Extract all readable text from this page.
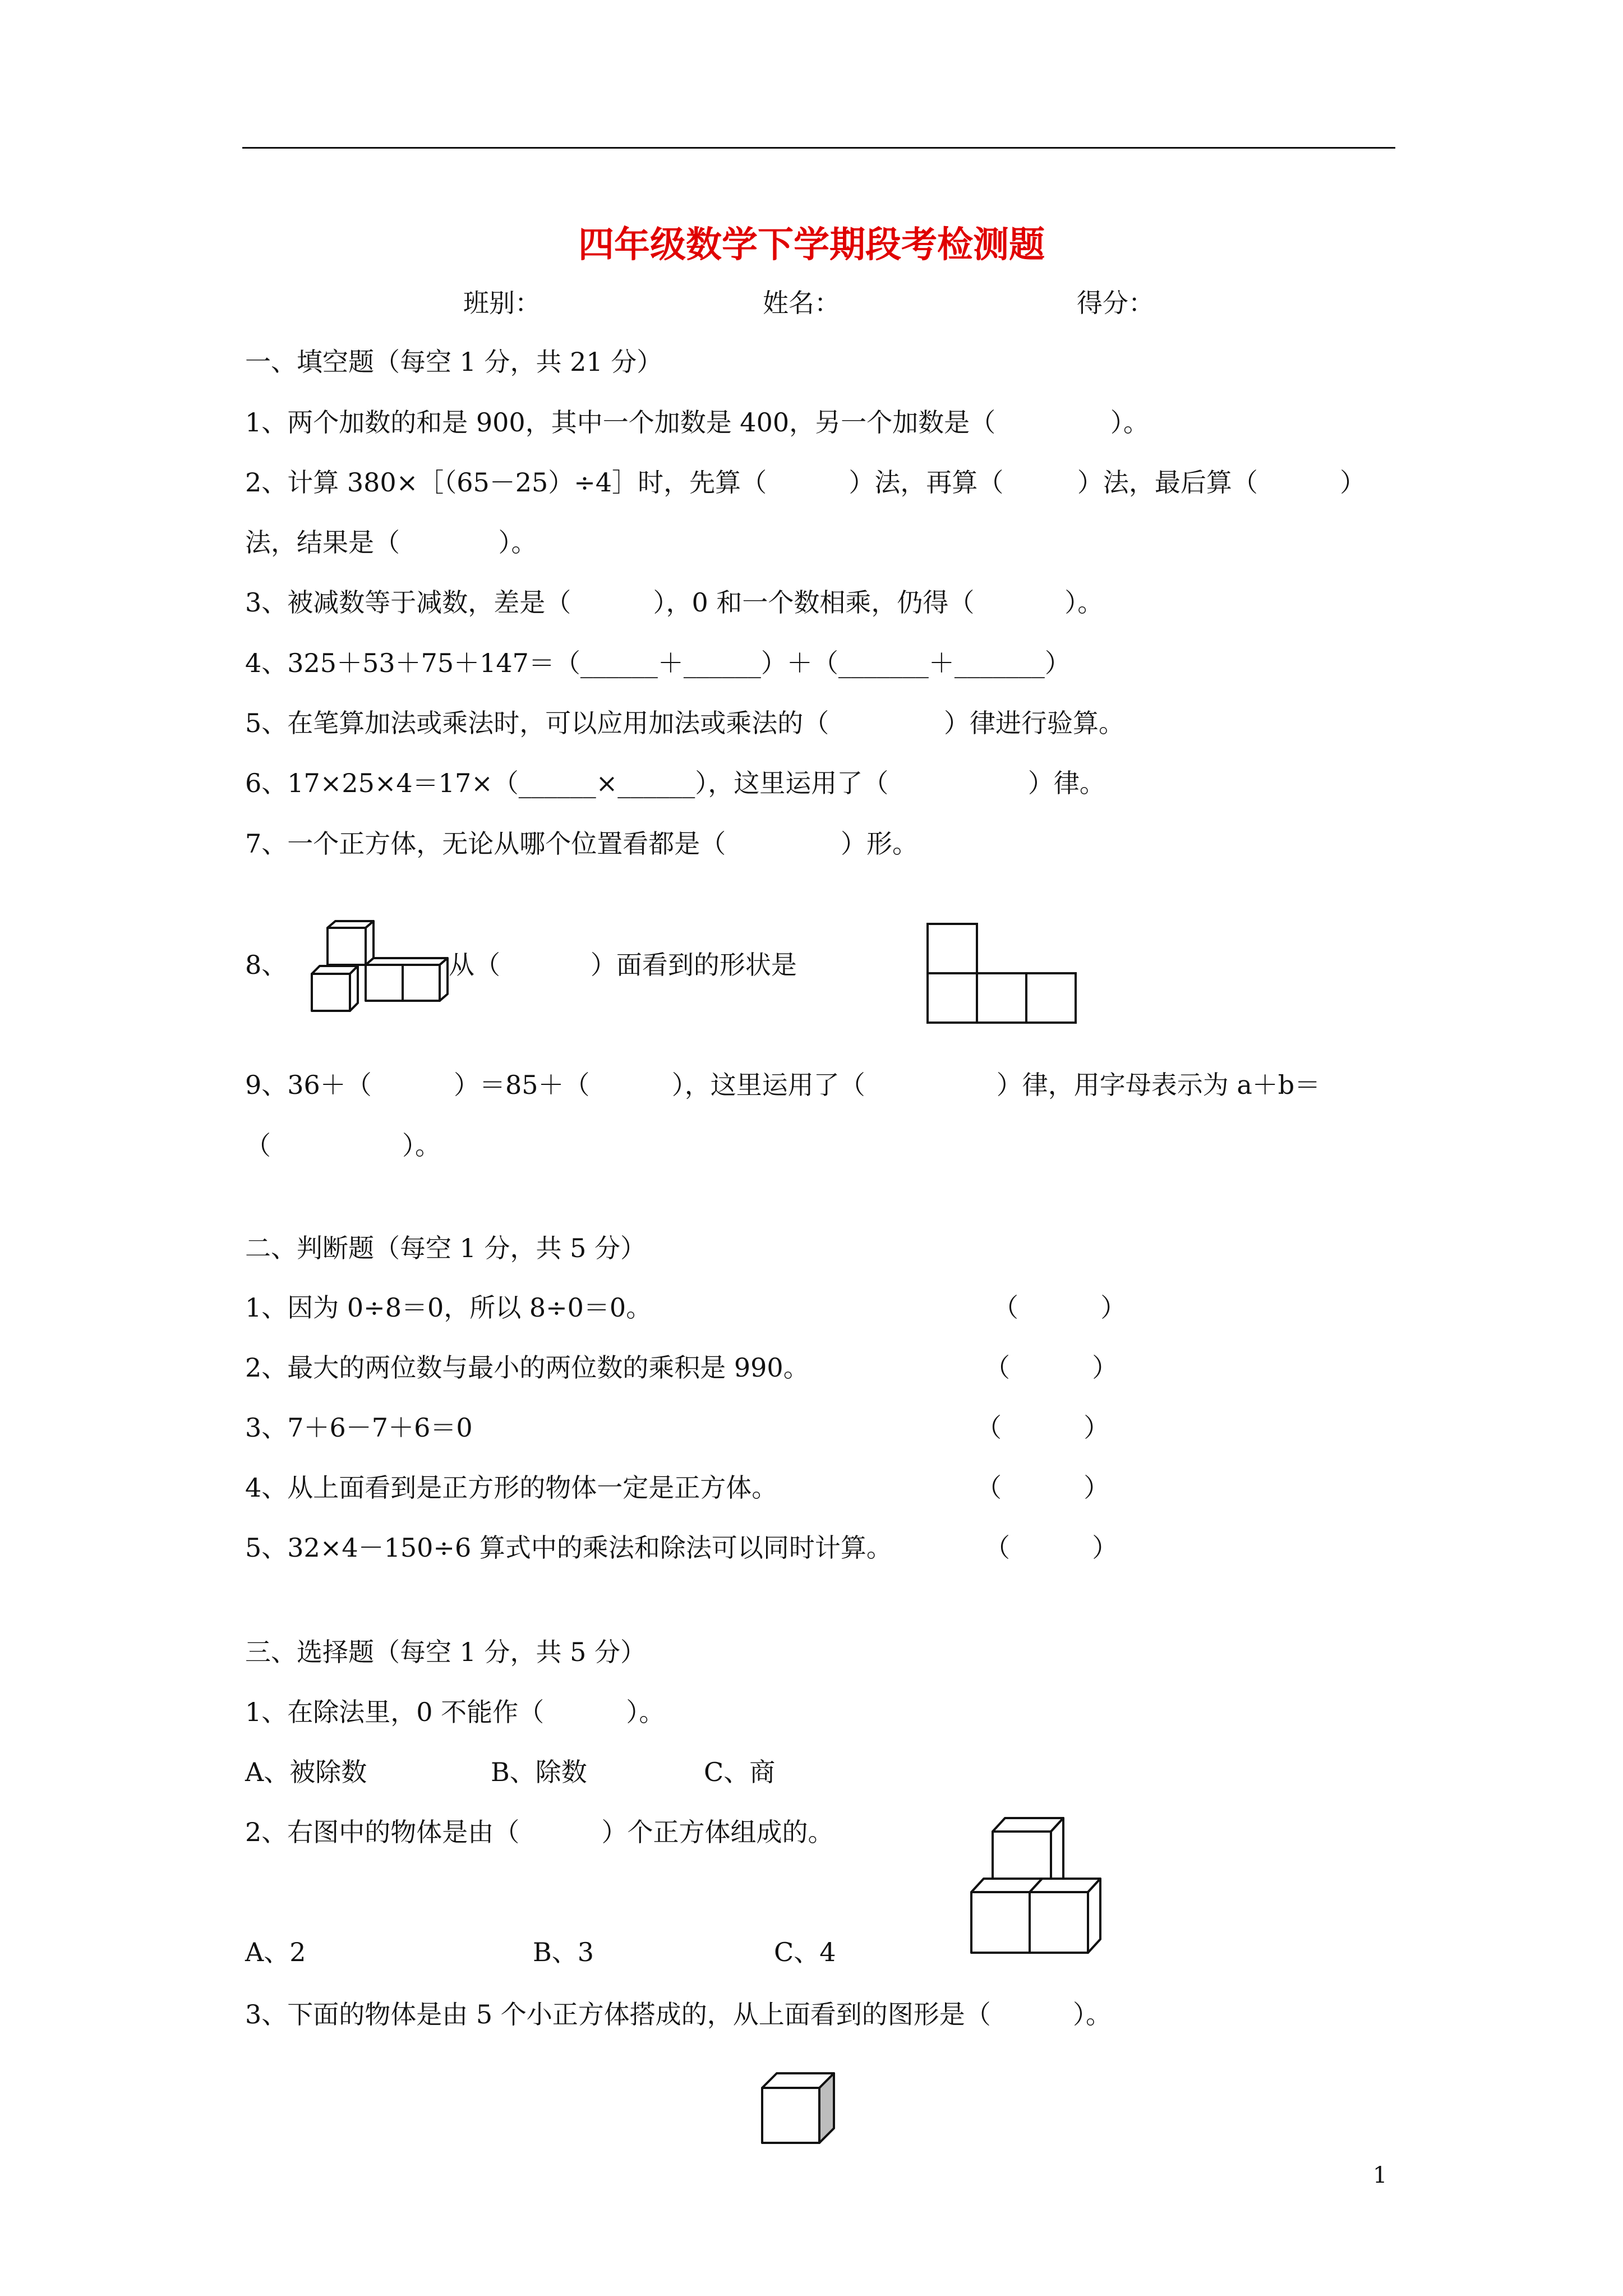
四年级数学下学期段考检测题
班别：	姓名：	得分：
一、填空题（每空 1 分，共 21 分）
1、两个加数的和是 900，其中一个加数是 400，另一个加数是（              ）。
2、计算 380×［（65－25）÷4］时，先算（          ）法，再算（         ）法，最后算（          ）
法，结果是（            ）。
3、被减数等于减数，差是（          ），0 和一个数相乘，仍得（           ）。
4、325＋53＋75＋147＝（______＋______）＋（_______＋_______）
5、在笔算加法或乘法时，可以应用加法或乘法的（              ）律进行验算。
6、17×25×4＝17×（______×______），这里运用了（                 ）律。
7、一个正方体，无论从哪个位置看都是（              ）形。
8、	从（           ）面看到的形状是
9、36＋（          ）＝85＋（          ），这里运用了（                ）律，用字母表示为 a＋b＝
（                ）。
二、判断题（每空 1 分，共 5 分）
1、因为 0÷8＝0，所以 8÷0＝0。	（          ）
2、最大的两位数与最小的两位数的乘积是 990。	（          ）
3、7＋6－7＋6＝0	（          ）
4、从上面看到是正方形的物体一定是正方体。	（          ）
5、32×4－150÷6 算式中的乘法和除法可以同时计算。	（          ）
三、选择题（每空 1 分，共 5 分）
1、在除法里，0 不能作（          ）。
A、被除数	B、除数	C、商
2、右图中的物体是由（          ）个正方体组成的。
A、2	B、3	C、4
3、下面的物体是由 5 个小正方体搭成的，从上面看到的图形是（          ）。
1
